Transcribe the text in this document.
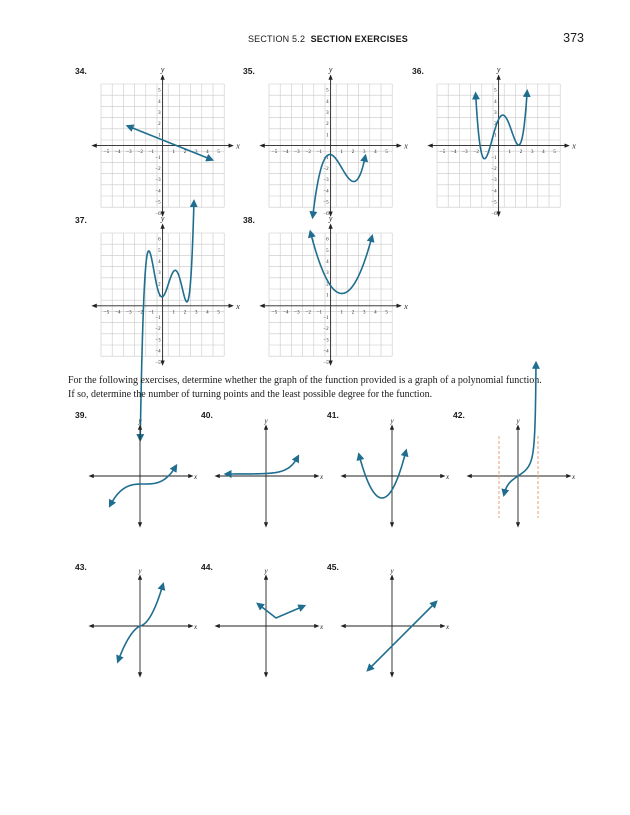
SECTION 5.2 SECTION EXERCISES	373
34.	35.	36.
37.	38.
39.	40.	41.	42.
43.	44.	45.
x
y
−5 −4 −3 −2 −1	1 2 3 4 5
5
4
3
2
1
−1
−2
−3
−4
−5
−6
x
y
−5 −4 −3 −2 −1	1 2 3 4 5
5
4
3
2
1
−1
−2
−3
−4
−5
−6
x
y
−5 −4 −3 −2 −1	1 2 3 4 5
5
4
3
2
1
−1
−2
−3
−4
−5
−6
x
y
−5 −4 −3 −2 −1	1 2 3 4 5
6
5
4
3
2
1
−1
−2
−3
−4
−5
x
y
−5 −4 −3 −2 −1	1 2 3 4 5
6
5
4
3
2
1
−1
−2
−3
−4
−5

For the following exercises, determine whether the graph of the function provided is a graph of a polynomial function.

If so, determine the number of turning points and the least possible degree for the function.

x
y
x
y
x
y
x
y
x
y
x
y
x
y
